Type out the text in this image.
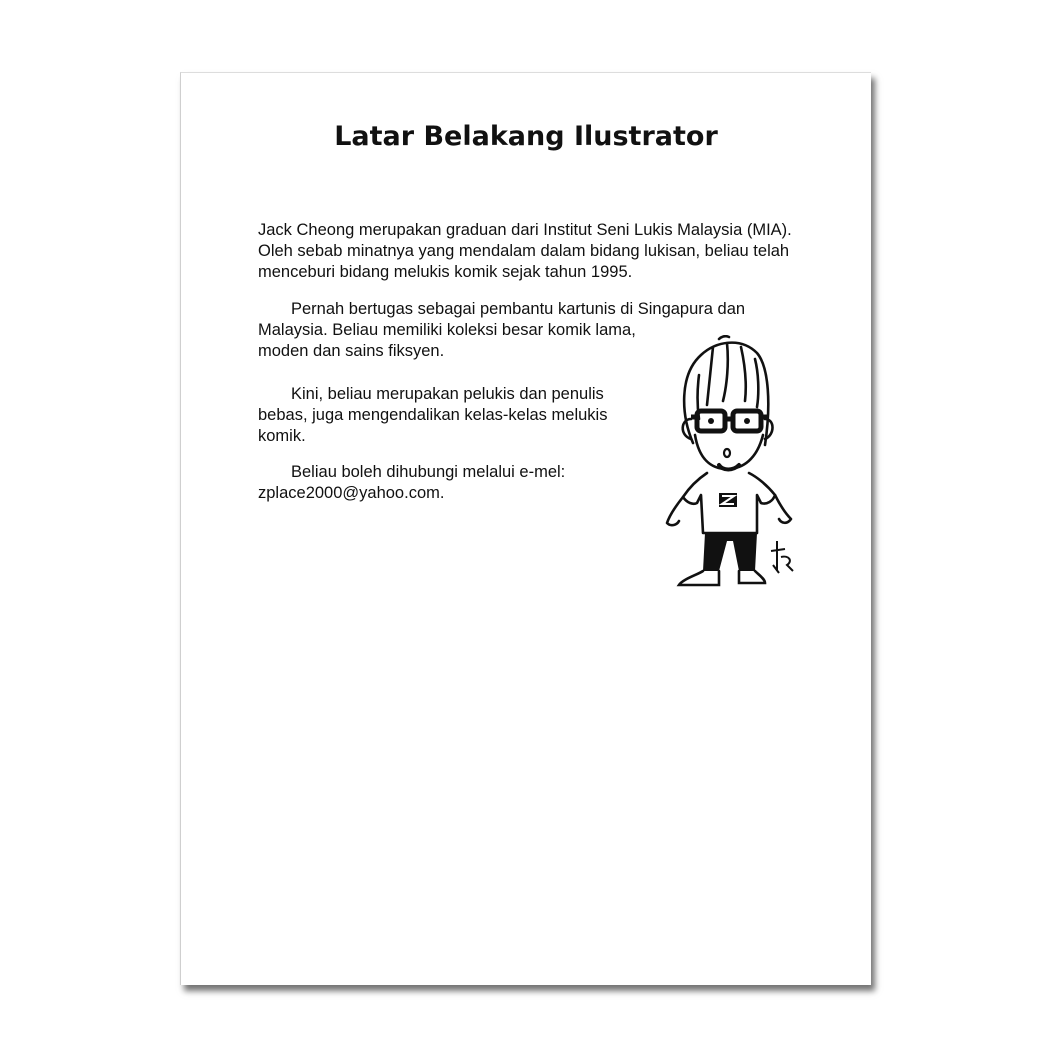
Latar Belakang Ilustrator

Jack Cheong merupakan graduan dari Institut Seni Lukis Malaysia (MIA). Oleh sebab minatnya yang mendalam dalam bidang lukisan, beliau telah menceburi bidang melukis komik sejak tahun 1995.

Pernah bertugas sebagai pembantu kartunis di Singapura dan

Malaysia. Beliau memiliki koleksi besar komik lama, moden dan sains fiksyen.

Kini, beliau merupakan pelukis dan penulis bebas, juga mengendalikan kelas-kelas melukis komik.

Beliau boleh dihubungi melalui e-mel:
zplace2000@yahoo.com.
